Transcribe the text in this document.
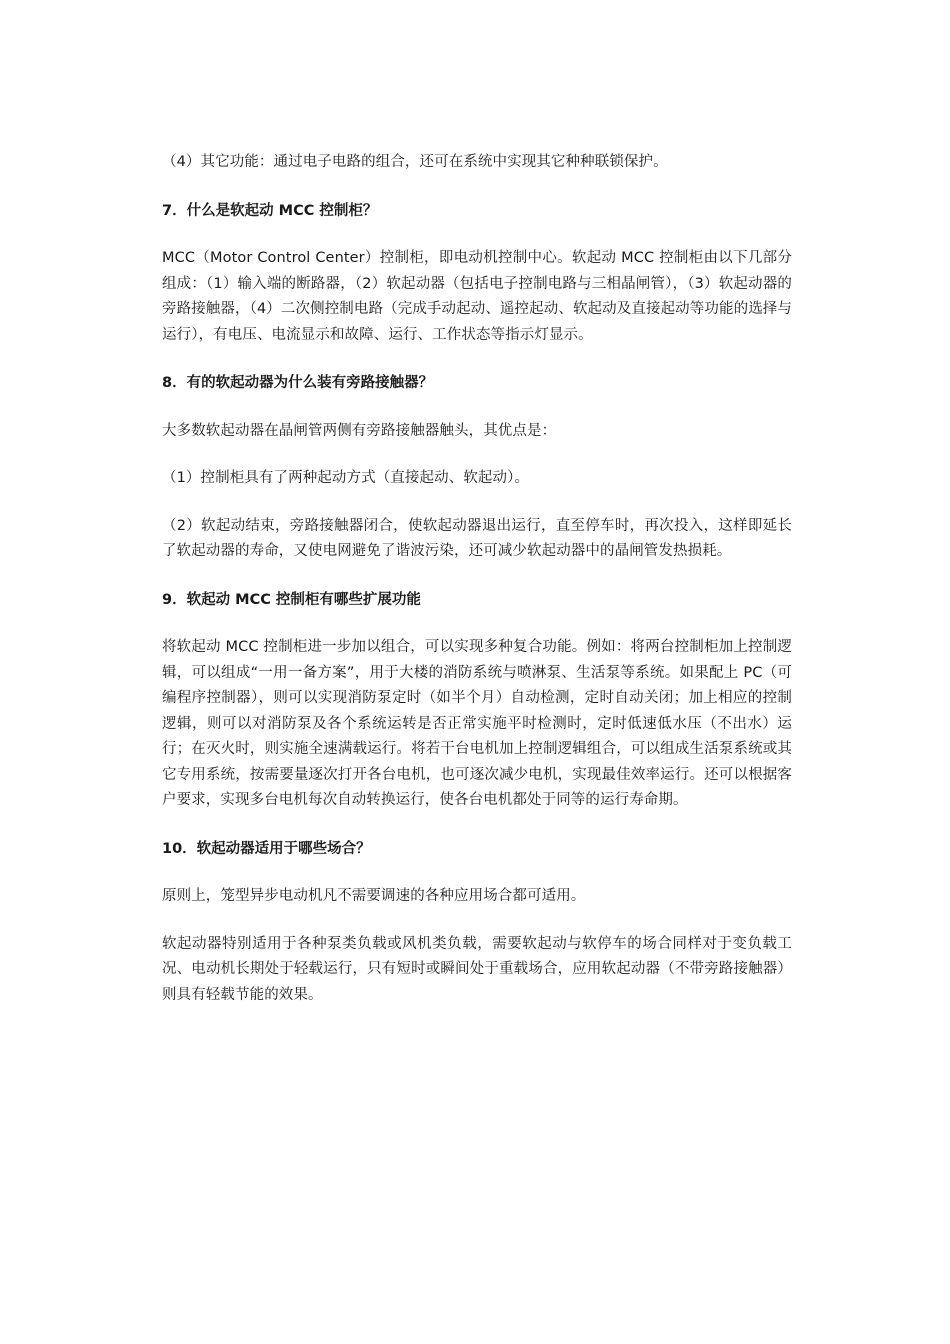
（4）其它功能：通过电子电路的组合，还可在系统中实现其它种种联锁保护。

7．什么是软起动 MCC 控制柜？

MCC（Motor Control Center）控制柜，即电动机控制中心。软起动 MCC 控制柜由以下几部分组成：（1）输入端的断路器，（2）软起动器（包括电子控制电路与三相晶闸管），（3）软起动器的旁路接触器，（4）二次侧控制电路（完成手动起动、遥控起动、软起动及直接起动等功能的选择与运行），有电压、电流显示和故障、运行、工作状态等指示灯显示。

8．有的软起动器为什么装有旁路接触器？

大多数软起动器在晶闸管两侧有旁路接触器触头，其优点是：

（1）控制柜具有了两种起动方式（直接起动、软起动）。

（2）软起动结束，旁路接触器闭合，使软起动器退出运行，直至停车时，再次投入，这样即延长了软起动器的寿命，又使电网避免了谐波污染，还可减少软起动器中的晶闸管发热损耗。

9．软起动 MCC 控制柜有哪些扩展功能

将软起动 MCC 控制柜进一步加以组合，可以实现多种复合功能。例如：将两台控制柜加上控制逻辑，可以组成“一用一备方案”，用于大楼的消防系统与喷淋泵、生活泵等系统。如果配上 PC（可编程序控制器），则可以实现消防泵定时（如半个月）自动检测，定时自动关闭；加上相应的控制逻辑，则可以对消防泵及各个系统运转是否正常实施平时检测时，定时低速低水压（不出水）运行；在灭火时，则实施全速满载运行。将若干台电机加上控制逻辑组合，可以组成生活泵系统或其它专用系统，按需要量逐次打开各台电机，也可逐次减少电机，实现最佳效率运行。还可以根据客户要求，实现多台电机每次自动转换运行，使各台电机都处于同等的运行寿命期。

10．软起动器适用于哪些场合？

原则上，笼型异步电动机凡不需要调速的各种应用场合都可适用。

软起动器特别适用于各种泵类负载或风机类负载，需要软起动与软停车的场合同样对于变负载工况、电动机长期处于轻载运行，只有短时或瞬间处于重载场合，应用软起动器（不带旁路接触器）则具有轻载节能的效果。
